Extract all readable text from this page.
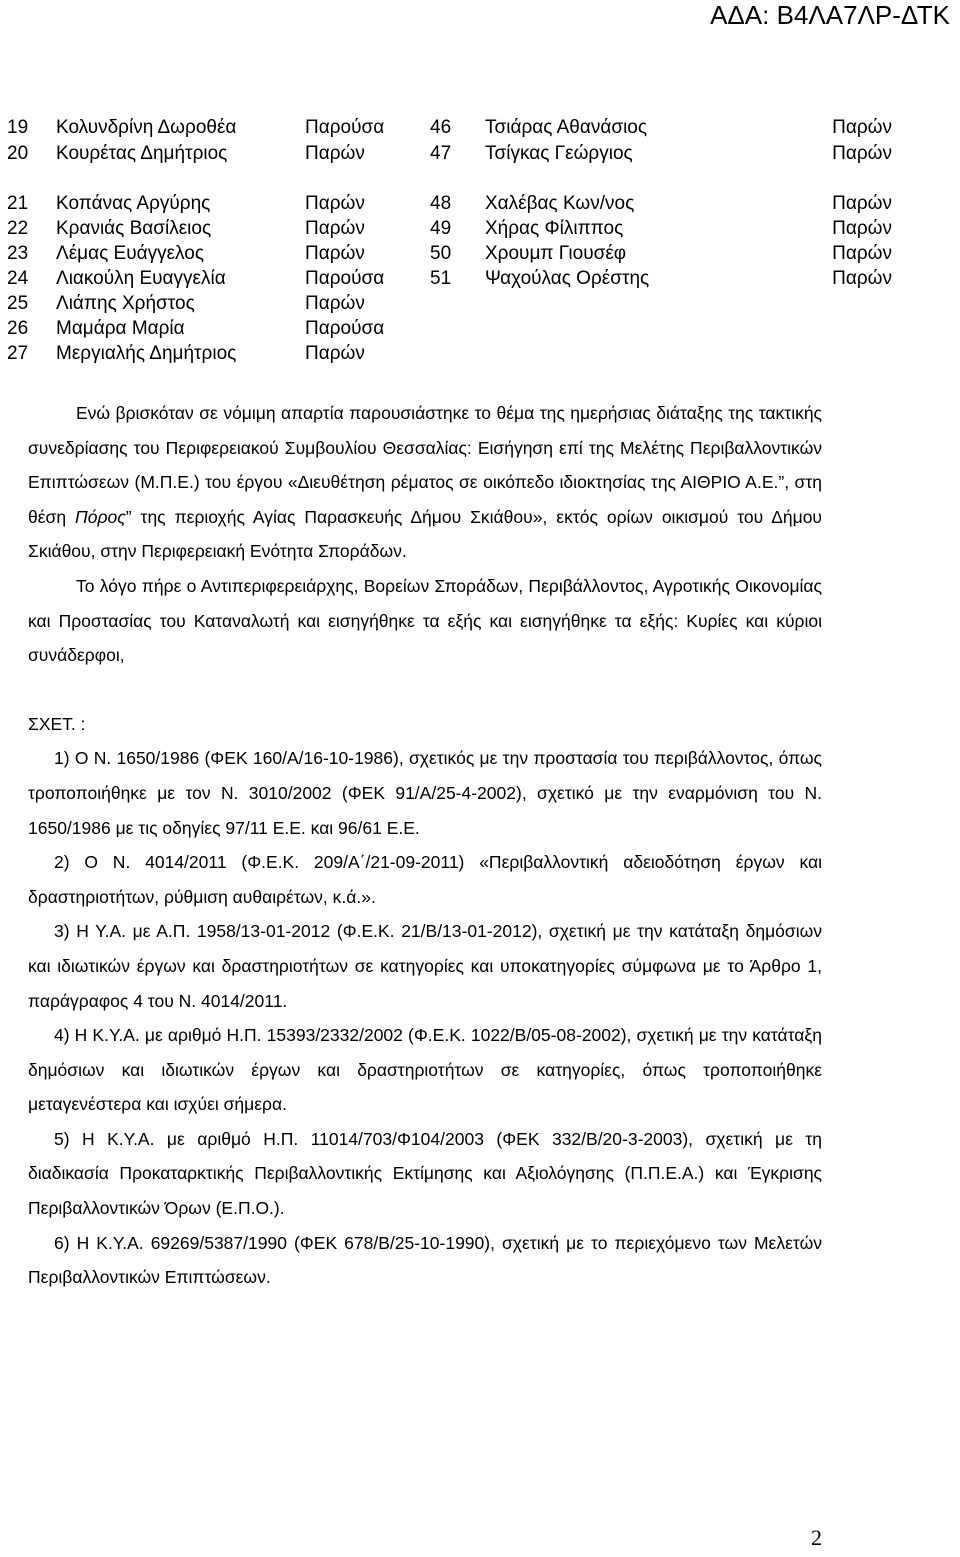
ΑΔΑ: Β4ΛΑ7ΛΡ-ΔΤΚ
19 Κολυνδρίνη Δωροθέα	Παρούσα 46 Τσιάρας Αθανάσιος	Παρών
20 Κουρέτας Δημήτριος	Παρών	47 Τσίγκας Γεώργιος	Παρών
21 Κοπάνας Αργύρης	Παρών	48 Χαλέβας Κων/νος	Παρών
22 Κρανιάς Βασίλειος	Παρών	49 Χήρας Φίλιππος	Παρών
23 Λέμας Ευάγγελος	Παρών	50 Χρουμπ Γιουσέφ	Παρών
24 Λιακούλη Ευαγγελία	Παρούσα 51 Ψαχούλας Ορέστης	Παρών
25 Λιάπης Χρήστος	Παρών
26 Μαμάρα Μαρία	Παρούσα
27 Μεργιαλής Δημήτριος	Παρών

Ενώ βρισκόταν σε νόμιμη απαρτία παρουσιάστηκε το θέμα της ημερήσιας διάταξης της τακτικής συνεδρίασης του Περιφερειακού Συμβουλίου Θεσσαλίας: Εισήγηση επί της Μελέτης Περιβαλλοντικών Επιπτώσεων (Μ.Π.Ε.) του έργου «Διευθέτηση ρέματος σε οικόπεδο ιδιοκτησίας της ΑΙΘΡΙΟ Α.Ε.”, στη θέση Πόρος” της περιοχής Αγίας Παρασκευής Δήμου Σκιάθου», εκτός ορίων οικισμού του Δήμου Σκιάθου, στην Περιφερειακή Ενότητα Σποράδων.

Το λόγο πήρε ο Αντιπεριφερειάρχης, Βορείων Σποράδων, Περιβάλλοντος, Αγροτικής Οικονομίας και Προστασίας του Καταναλωτή και εισηγήθηκε τα εξής και εισηγήθηκε τα εξής: Κυρίες και κύριοι συνάδερφοι,

ΣΧΕΤ. :

1) Ο Ν. 1650/1986 (ΦΕΚ 160/Α/16-10-1986), σχετικός με την προστασία του περιβάλλοντος, όπως τροποποιήθηκε με τον Ν. 3010/2002 (ΦΕΚ 91/Α/25-4-2002), σχετικό με την εναρμόνιση του Ν. 1650/1986 με τις οδηγίες 97/11 Ε.Ε. και 96/61 Ε.Ε.

2) Ο Ν. 4014/2011 (Φ.Ε.Κ. 209/Α΄/21-09-2011) «Περιβαλλοντική αδειοδότηση έργων και δραστηριοτήτων, ρύθμιση αυθαιρέτων, κ.ά.».

3) Η Υ.Α. με Α.Π. 1958/13-01-2012 (Φ.Ε.Κ. 21/Β/13-01-2012), σχετική με την κατάταξη δημόσιων και ιδιωτικών έργων και δραστηριοτήτων σε κατηγορίες και υποκατηγορίες σύμφωνα με το Άρθρο 1, παράγραφος 4 του Ν. 4014/2011.

4) Η Κ.Υ.Α. με αριθμό Η.Π. 15393/2332/2002 (Φ.Ε.Κ. 1022/Β/05-08-2002), σχετική με την κατάταξη δημόσιων και ιδιωτικών έργων και δραστηριοτήτων σε κατηγορίες, όπως τροποποιήθηκε μεταγενέστερα και ισχύει σήμερα.

5) Η Κ.Υ.Α. με αριθμό Η.Π. 11014/703/Φ104/2003 (ΦΕΚ 332/Β/20-3-2003), σχετική με τη διαδικασία Προκαταρκτικής Περιβαλλοντικής Εκτίμησης και Αξιολόγησης (Π.Π.Ε.Α.) και Έγκρισης Περιβαλλοντικών Όρων (Ε.Π.Ο.).

6) Η Κ.Υ.Α. 69269/5387/1990 (ΦΕΚ 678/Β/25-10-1990), σχετική με το περιεχόμενο των Μελετών Περιβαλλοντικών Επιπτώσεων.

2
